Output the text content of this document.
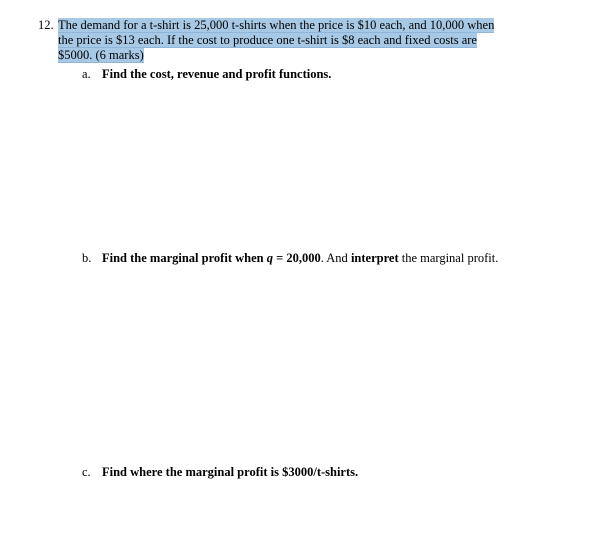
12. The demand for a t-shirt is 25,000 t-shirts when the price is $10 each, and 10,000 when
the price is $13 each. If the cost to produce one t-shirt is $8 each and fixed costs are
$5000. (6 marks)
a. Find the cost, revenue and profit functions.
b. Find the marginal profit when q = 20,000. And interpret the marginal profit.
c. Find where the marginal profit is $3000/t-shirts.
